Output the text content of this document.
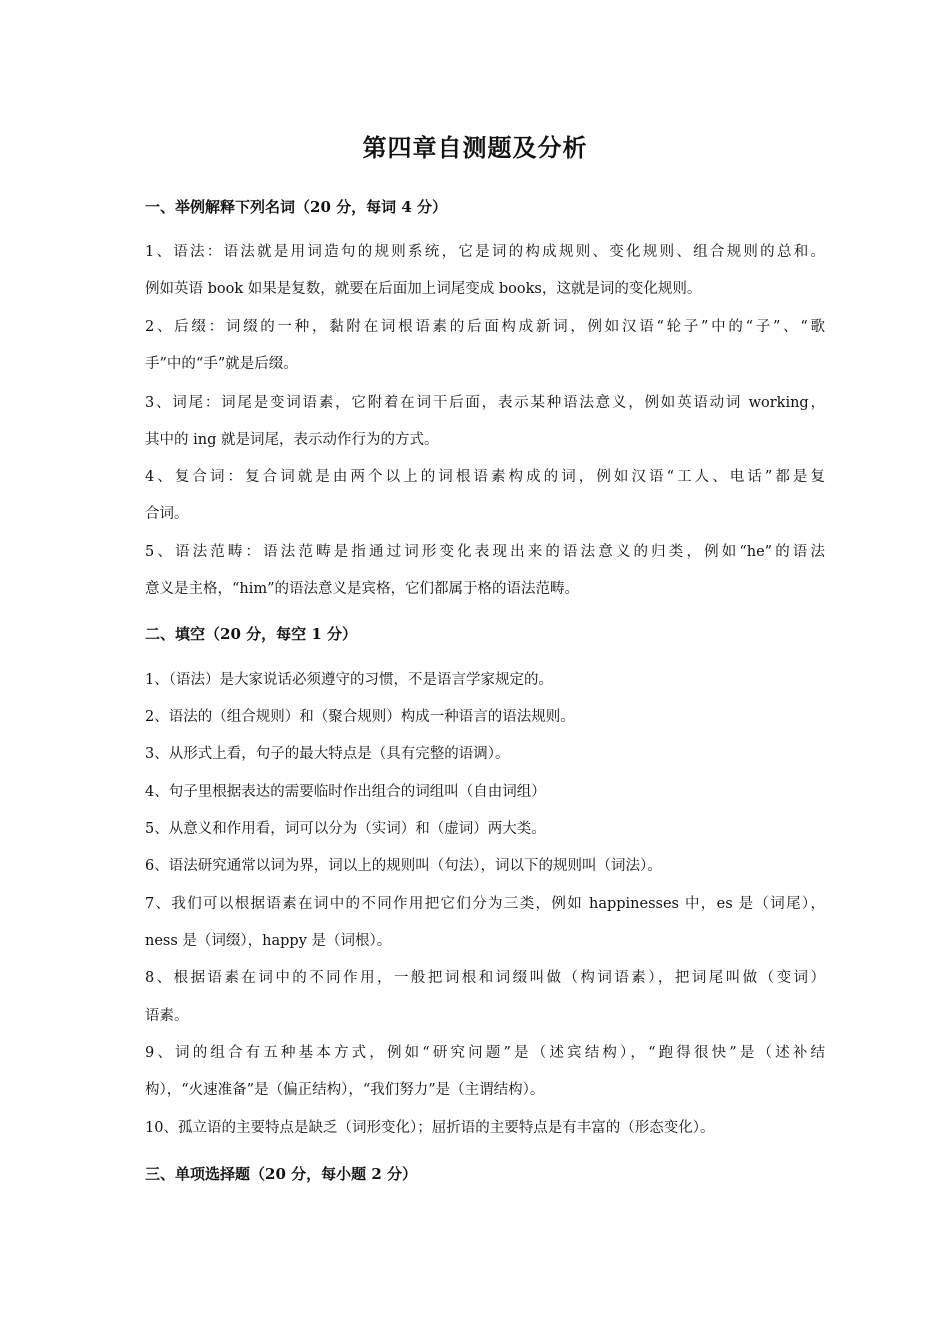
第四章自测题及分析
一、举例解释下列名词（20 分，每词 4 分）
1、语法：语法就是用词造句的规则系统，它是词的构成规则、变化规则、组合规则的总和。
例如英语 book 如果是复数，就要在后面加上词尾变成 books，这就是词的变化规则。
2、后缀：词缀的一种，黏附在词根语素的后面构成新词，例如汉语“轮子”中的“子”、“歌
手”中的“手”就是后缀。
3、词尾：词尾是变词语素，它附着在词干后面，表示某种语法意义，例如英语动词 working，
其中的 ing 就是词尾，表示动作行为的方式。
4、复合词：复合词就是由两个以上的词根语素构成的词，例如汉语“工人、电话”都是复
合词。
5、语法范畴：语法范畴是指通过词形变化表现出来的语法意义的归类，例如“he”的语法
意义是主格，“him”的语法意义是宾格，它们都属于格的语法范畴。
二、填空（20 分，每空 1 分）
1、（语法）是大家说话必须遵守的习惯，不是语言学家规定的。
2、语法的（组合规则）和（聚合规则）构成一种语言的语法规则。
3、从形式上看，句子的最大特点是（具有完整的语调）。
4、句子里根据表达的需要临时作出组合的词组叫（自由词组）
5、从意义和作用看，词可以分为（实词）和（虚词）两大类。
6、语法研究通常以词为界，词以上的规则叫（句法），词以下的规则叫（词法）。
7、我们可以根据语素在词中的不同作用把它们分为三类，例如 happinesses 中，es 是（词尾），
ness 是（词缀），happy 是（词根）。
8、根据语素在词中的不同作用，一般把词根和词缀叫做（构词语素），把词尾叫做（变词）
语素。
9、词的组合有五种基本方式，例如“研究问题”是（述宾结构），“跑得很快”是（述补结
构），“火速准备”是（偏正结构），“我们努力”是（主谓结构）。
10、孤立语的主要特点是缺乏（词形变化）；屈折语的主要特点是有丰富的（形态变化）。
三、单项选择题（20 分，每小题 2 分）
